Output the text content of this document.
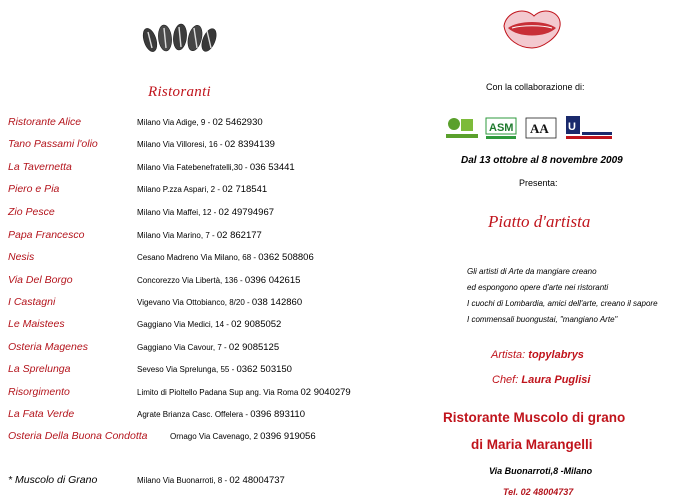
Ristoranti
Ristorante Alice	Milano Via Adige, 9 - 02 5462930
Tano Passami l'olio	Milano Via Villoresi, 16 - 02 8394139
La Tavernetta	Milano Via Fatebenefratelli,30 - 036 53441
Piero e Pia	Milano P.zza Aspari, 2 - 02 718541
Zio Pesce	Milano Via Maffei, 12 - 02 49794967
Papa Francesco	Milano Via Marino, 7 - 02 862177
Nesis	Cesano Madreno Via Milano, 68 - 0362 508806
Via Del Borgo	Concorezzo Via Libertà, 136 - 0396 042615
I Castagni	Vigevano Via Ottobianco, 8/20 - 038 142860
Le Maistees	Gaggiano Via Medici, 14 - 02 9085052
Osteria Magenes	Gaggiano Via Cavour, 7 - 02 9085125
La Sprelunga	Seveso Via Sprelunga, 55 - 0362 503150
Risorgimento	Limito di Pioltello Padana Sup ang. Via Roma 02 9040279
La Fata Verde	Agrate Brianza Casc. Offelera - 0396 893110
Osteria Della Buona Condotta	Ornago Via Cavenago, 2 0396 919056
* Muscolo di Grano	Milano Via Buonarroti, 8 - 02 48004737
Con la collaborazione di:
ASM AA U
Dal 13 ottobre al 8 novembre 2009
Presenta:
Piatto d'artista
Gli artisti di Arte da mangiare creano
ed espongono opere d'arte nei ristoranti
I cuochi di Lombardia, amici dell'arte, creano il sapore
I commensali buongustai, "mangiano Arte"
Artista: topylabrys
Chef: Laura Puglisi
Ristorante Muscolo di grano
di Maria Marangelli
Via Buonarroti,8 -Milano
Tel. 02 48004737
